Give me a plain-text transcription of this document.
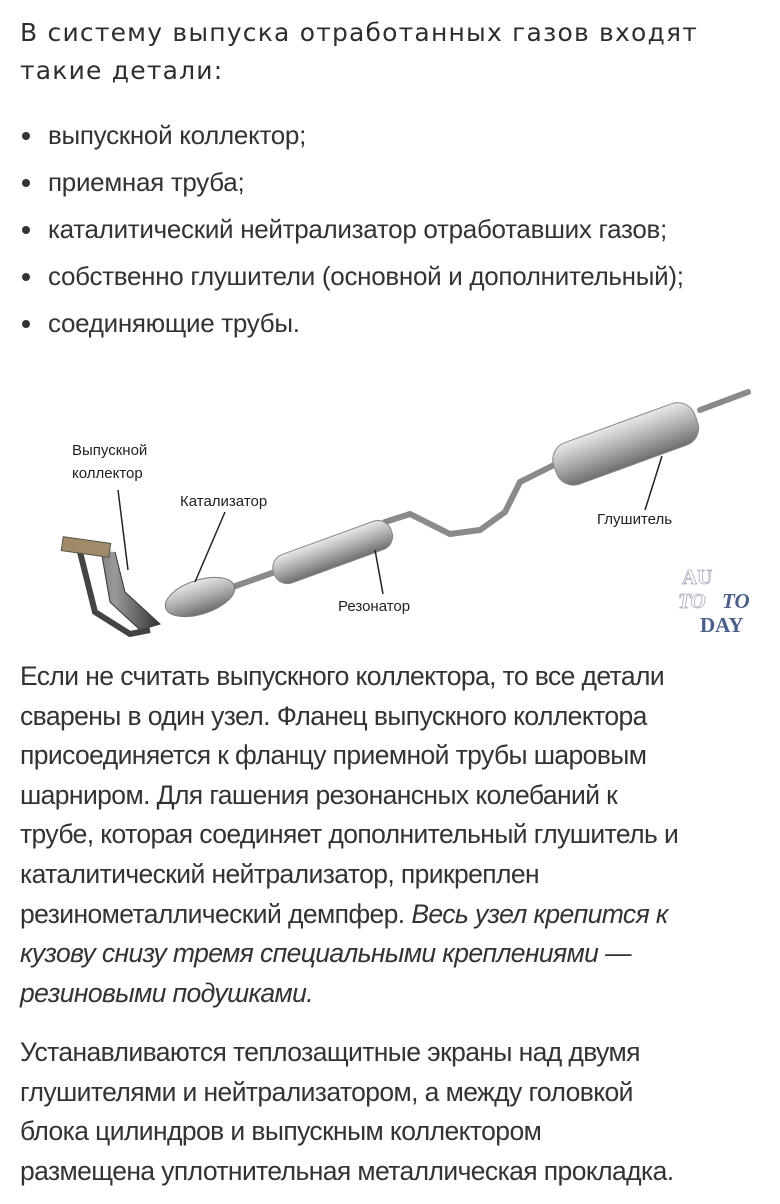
В систему выпуска отработанных газов входят
такие детали:
выпускной коллектор;
приемная труба;
каталитический нейтрализатор отработавших газов;
собственно глушители (основной и дополнительный);
соединяющие трубы.
Выпускной
коллектор
Катализатор
Резонатор
Глушитель
AU
TO TO
DAY
Если не считать выпускного коллектора, то все детали
сварены в один узел. Фланец выпускного коллектора
присоединяется к фланцу приемной трубы шаровым
шарниром. Для гашения резонансных колебаний к
трубе, которая соединяет дополнительный глушитель и
каталитический нейтрализатор, прикреплен
резинометаллический демпфер. Весь узел крепится к
кузову снизу тремя специальными креплениями —
резиновыми подушками.
Устанавливаются теплозащитные экраны над двумя
глушителями и нейтрализатором, а между головкой
блока цилиндров и выпускным коллектором
размещена уплотнительная металлическая прокладка.
